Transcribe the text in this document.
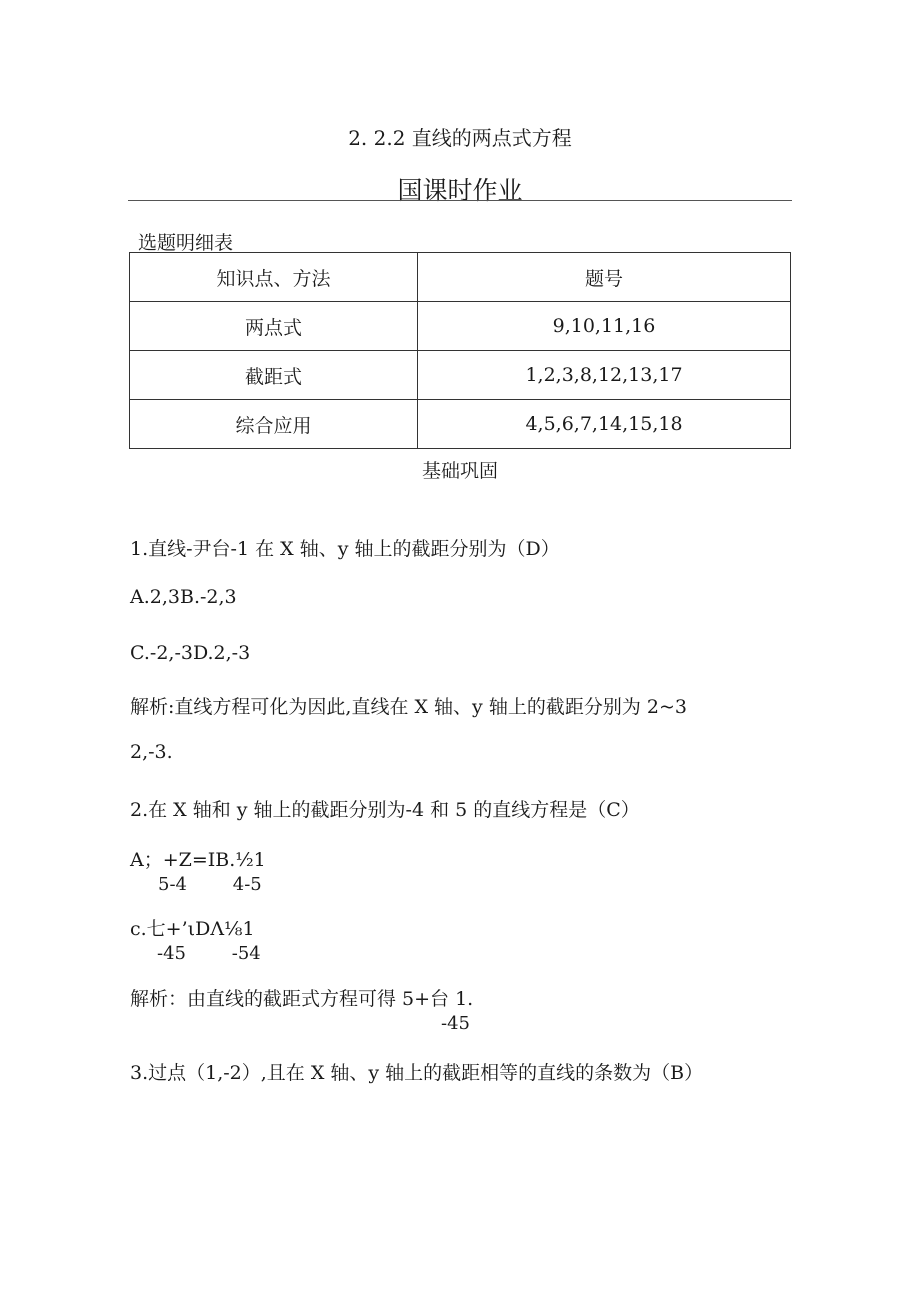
2. 2.2 直线的两点式方程
国课时作业
选题明细表
知识点、方法	题号
两点式	9,10,11,16
截距式	1,2,3,8,12,13,17
综合应用	4,5,6,7,14,15,18
基础巩固
1.直线-尹台-1 在 X 轴、y 轴上的截距分别为（D）
A.2,3B.-2,3
C.-2,-3D.2,-3
解析:直线方程可化为因此,直线在 X 轴、y 轴上的截距分别为 2~3
2,-3.
2.在 X 轴和 y 轴上的截距分别为-4 和 5 的直线方程是（C）
A；+Z=IB.½1
5-4        4-5
c.七+’ιDΛ⅛1
-45        -54
解析：由直线的截距式方程可得 5+台 1.
-45
3.过点（1,-2）,且在 X 轴、y 轴上的截距相等的直线的条数为（B）
